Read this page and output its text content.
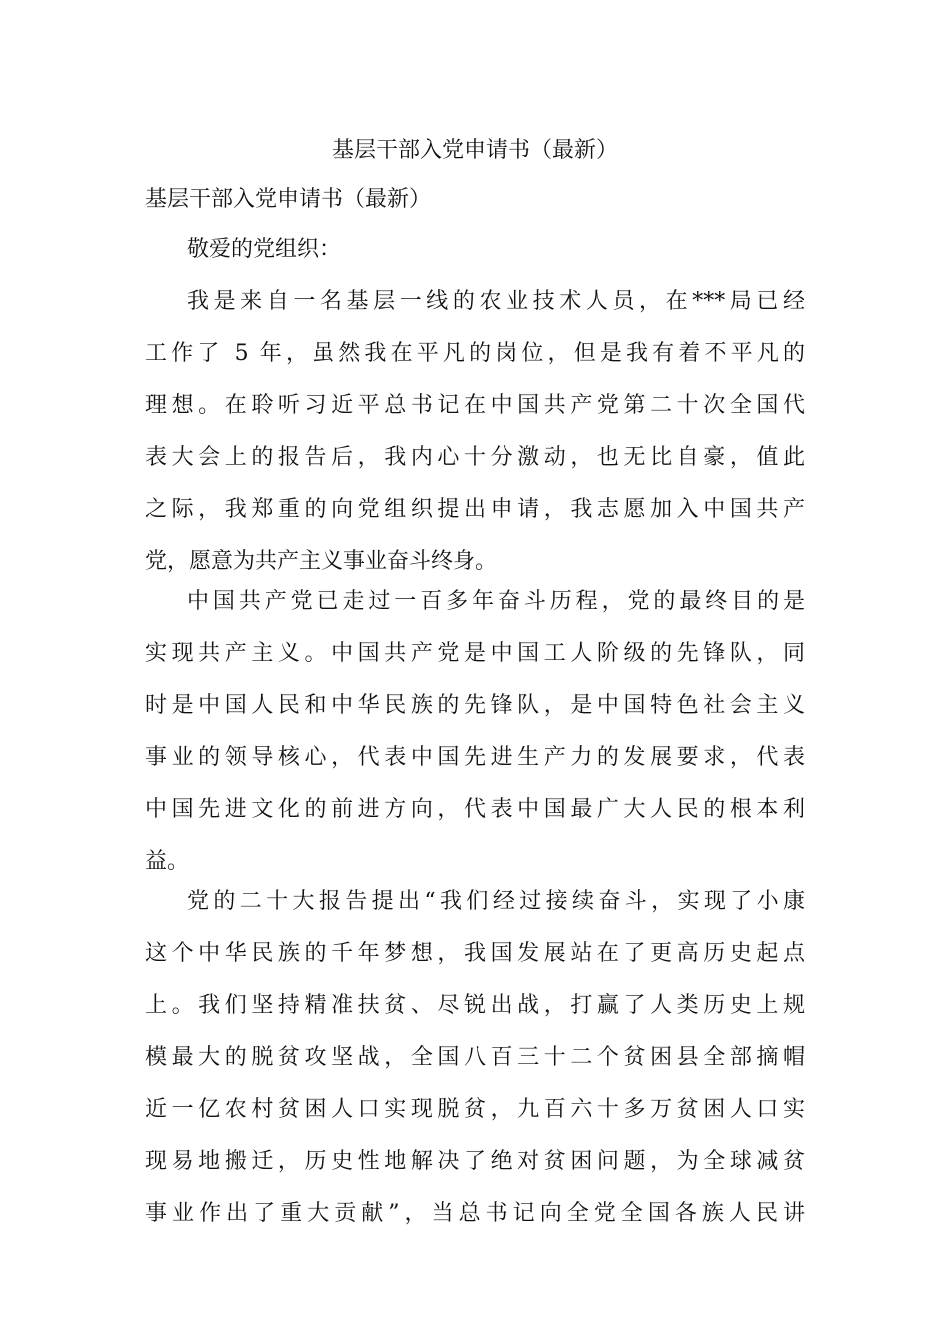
基层干部入党申请书（最新）
基层干部入党申请书（最新）
敬爱的党组织：
我是来自一名基层一线的农业技术人员，在***局已经
工作了 5 年，虽然我在平凡的岗位，但是我有着不平凡的
理想。在聆听习近平总书记在中国共产党第二十次全国代
表大会上的报告后，我内心十分激动，也无比自豪，值此
之际，我郑重的向党组织提出申请，我志愿加入中国共产
党，愿意为共产主义事业奋斗终身。
中国共产党已走过一百多年奋斗历程，党的最终目的是
实现共产主义。中国共产党是中国工人阶级的先锋队，同
时是中国人民和中华民族的先锋队，是中国特色社会主义
事业的领导核心，代表中国先进生产力的发展要求，代表
中国先进文化的前进方向，代表中国最广大人民的根本利
益。
党的二十大报告提出“我们经过接续奋斗，实现了小康
这个中华民族的千年梦想，我国发展站在了更高历史起点
上。我们坚持精准扶贫、尽锐出战，打赢了人类历史上规
模最大的脱贫攻坚战，全国八百三十二个贫困县全部摘帽
近一亿农村贫困人口实现脱贫，九百六十多万贫困人口实
现易地搬迁，历史性地解决了绝对贫困问题，为全球减贫
事业作出了重大贡献”，当总书记向全党全国各族人民讲
